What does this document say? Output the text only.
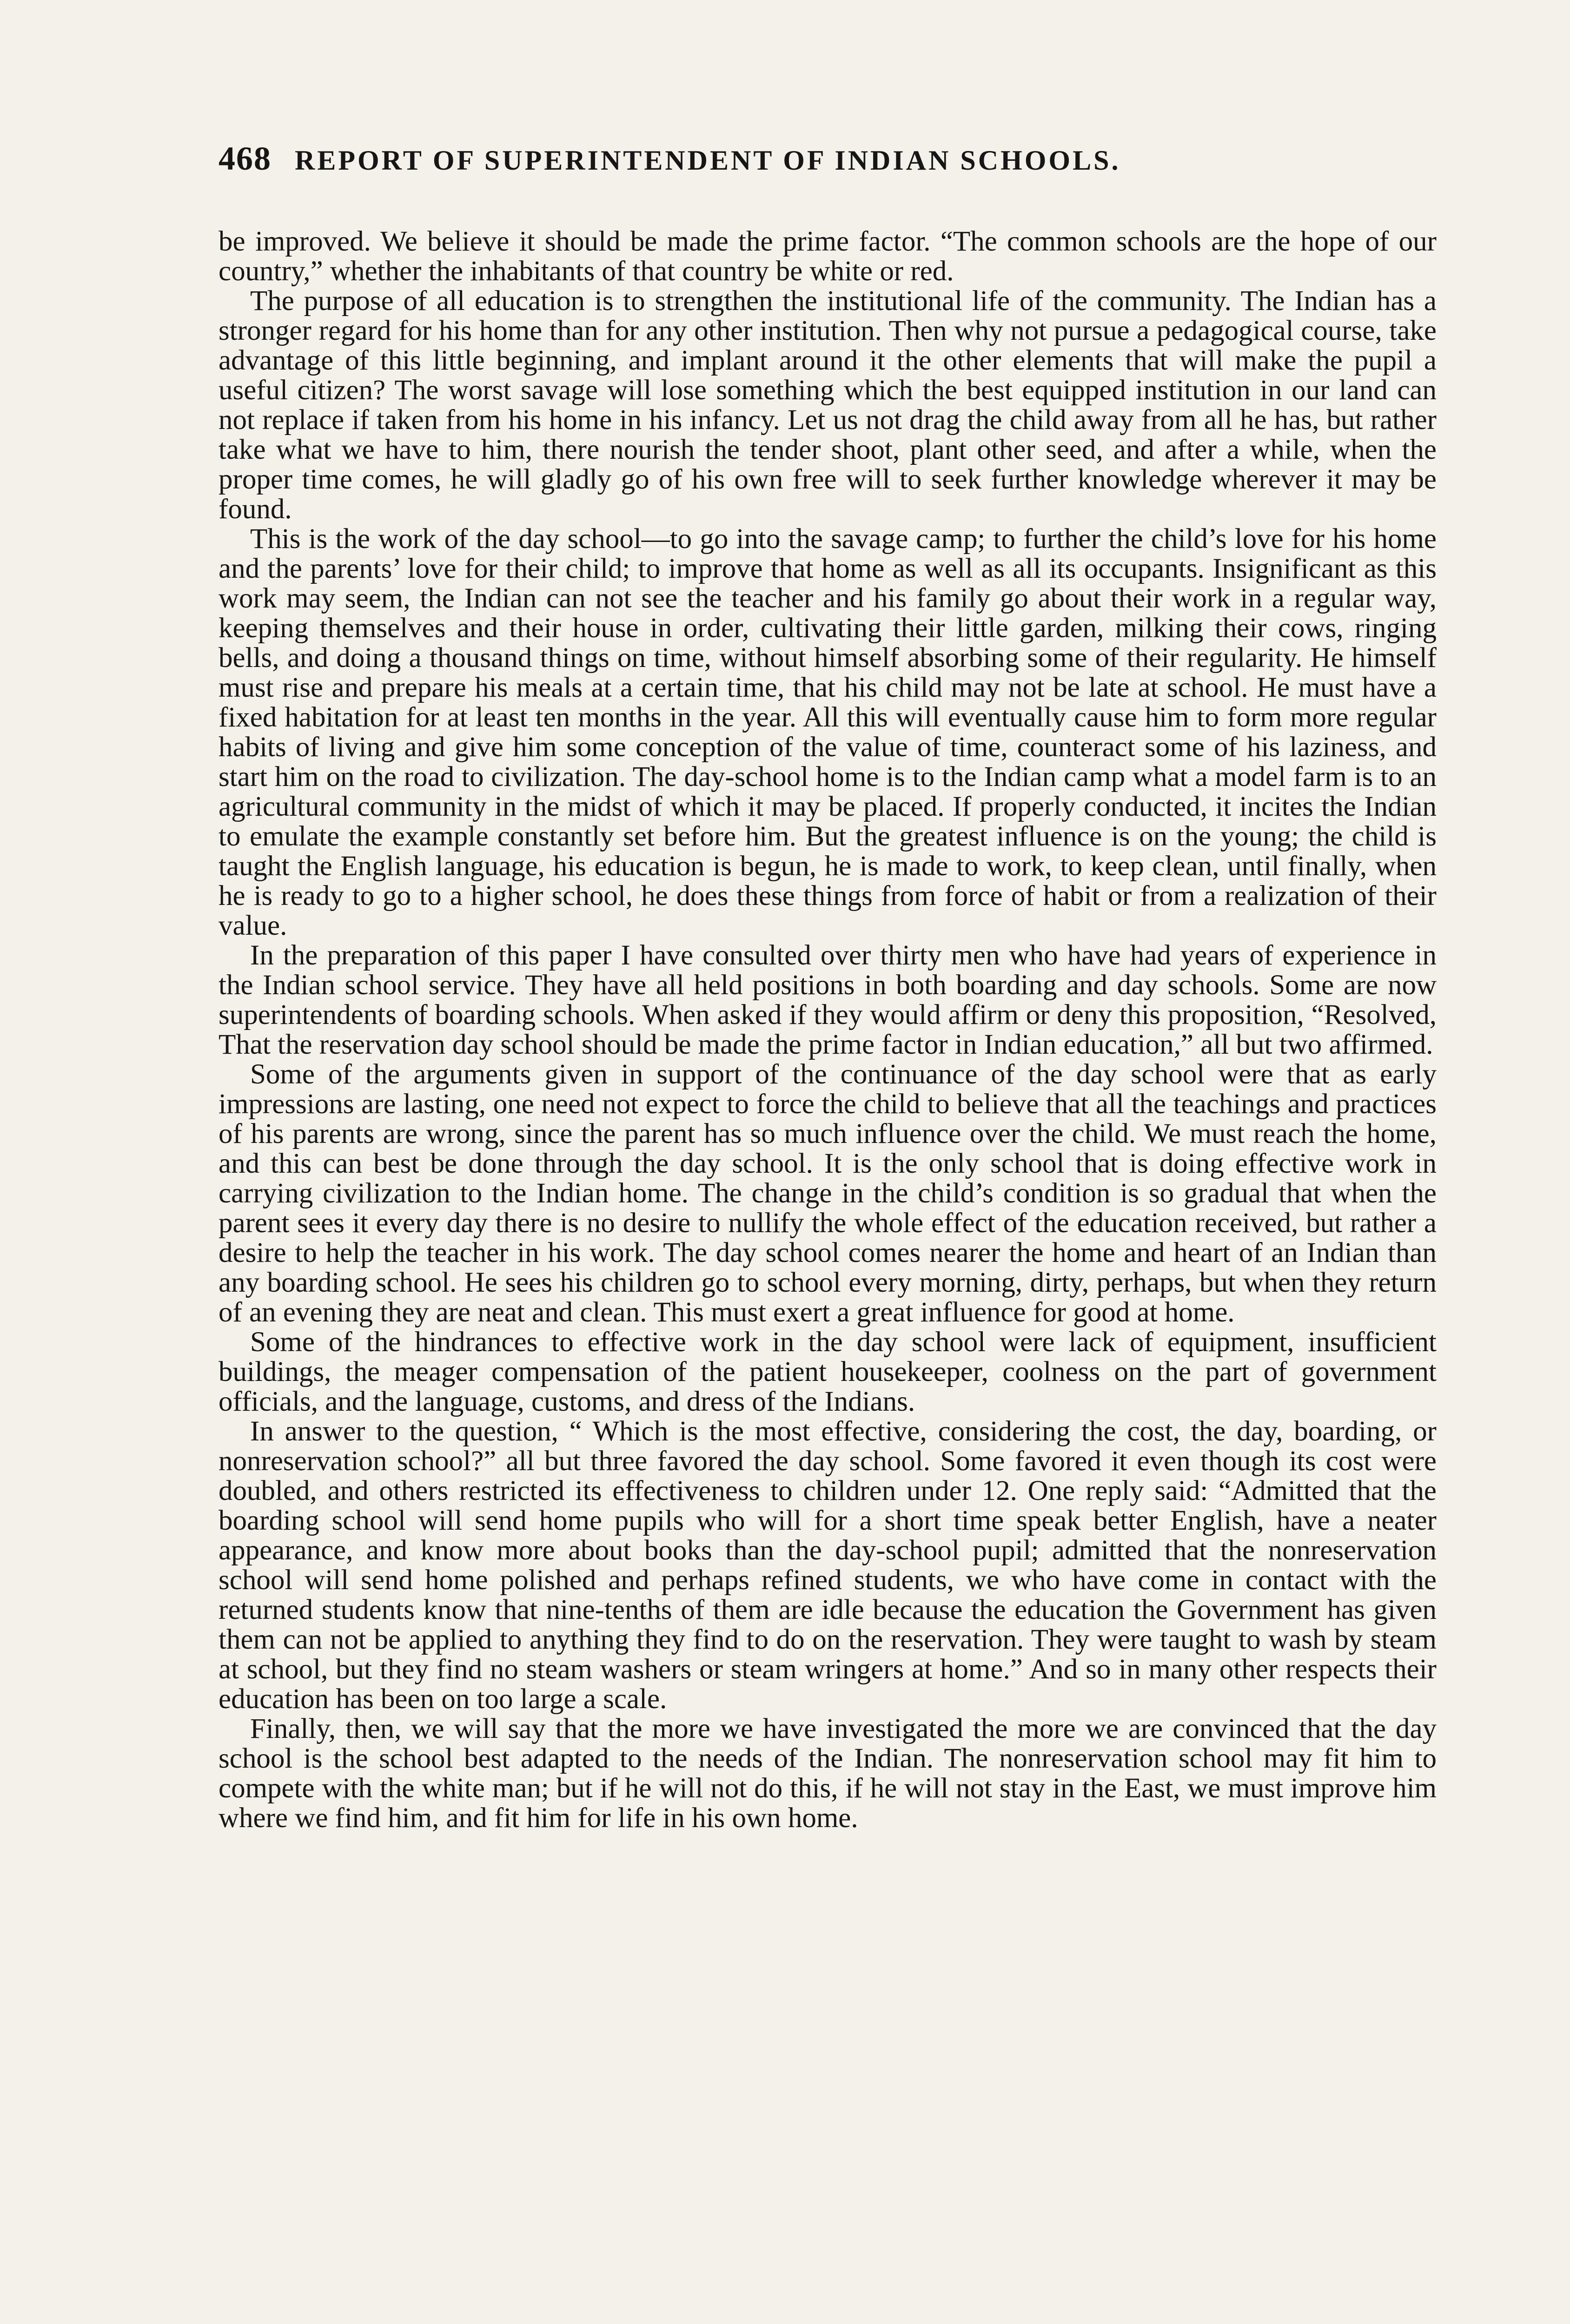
468 REPORT OF SUPERINTENDENT OF INDIAN SCHOOLS.

be improved. We believe it should be made the prime factor. “The common schools are the hope of our country,” whether the inhabitants of that country be white or red.

The purpose of all education is to strengthen the institutional life of the community. The Indian has a stronger regard for his home than for any other institution. Then why not pursue a pedagogical course, take advantage of this little beginning, and implant around it the other elements that will make the pupil a useful citizen? The worst savage will lose something which the best equipped institution in our land can not replace if taken from his home in his infancy. Let us not drag the child away from all he has, but rather take what we have to him, there nourish the tender shoot, plant other seed, and after a while, when the proper time comes, he will gladly go of his own free will to seek further knowledge wherever it may be found.

This is the work of the day school—to go into the savage camp; to further the child’s love for his home and the parents’ love for their child; to improve that home as well as all its occupants. Insignificant as this work may seem, the Indian can not see the teacher and his family go about their work in a regular way, keeping themselves and their house in order, cultivating their little garden, milking their cows, ringing bells, and doing a thousand things on time, without himself absorbing some of their regularity. He himself must rise and prepare his meals at a certain time, that his child may not be late at school. He must have a fixed habitation for at least ten months in the year. All this will eventually cause him to form more regular habits of living and give him some conception of the value of time, counteract some of his laziness, and start him on the road to civilization. The day-school home is to the Indian camp what a model farm is to an agricultural community in the midst of which it may be placed. If properly conducted, it incites the Indian to emulate the example constantly set before him. But the greatest influence is on the young; the child is taught the English language, his education is begun, he is made to work, to keep clean, until finally, when he is ready to go to a higher school, he does these things from force of habit or from a realization of their value.

In the preparation of this paper I have consulted over thirty men who have had years of experience in the Indian school service. They have all held positions in both boarding and day schools. Some are now superintendents of boarding schools. When asked if they would affirm or deny this proposition, “Resolved, That the reservation day school should be made the prime factor in Indian education,” all but two affirmed.

Some of the arguments given in support of the continuance of the day school were that as early impressions are lasting, one need not expect to force the child to believe that all the teachings and practices of his parents are wrong, since the parent has so much influence over the child. We must reach the home, and this can best be done through the day school. It is the only school that is doing effective work in carrying civilization to the Indian home. The change in the child’s condition is so gradual that when the parent sees it every day there is no desire to nullify the whole effect of the education received, but rather a desire to help the teacher in his work. The day school comes nearer the home and heart of an Indian than any boarding school. He sees his children go to school every morning, dirty, perhaps, but when they return of an evening they are neat and clean. This must exert a great influence for good at home.

Some of the hindrances to effective work in the day school were lack of equipment, insufficient buildings, the meager compensation of the patient housekeeper, coolness on the part of government officials, and the language, customs, and dress of the Indians.

In answer to the question, “ Which is the most effective, considering the cost, the day, boarding, or nonreservation school?” all but three favored the day school. Some favored it even though its cost were doubled, and others restricted its effectiveness to children under 12. One reply said: “Admitted that the boarding school will send home pupils who will for a short time speak better English, have a neater appearance, and know more about books than the day-school pupil; admitted that the nonreservation school will send home polished and perhaps refined students, we who have come in contact with the returned students know that nine-tenths of them are idle because the education the Government has given them can not be applied to anything they find to do on the reservation. They were taught to wash by steam at school, but they find no steam washers or steam wringers at home.” And so in many other respects their education has been on too large a scale.

Finally, then, we will say that the more we have investigated the more we are convinced that the day school is the school best adapted to the needs of the Indian. The nonreservation school may fit him to compete with the white man; but if he will not do this, if he will not stay in the East, we must improve him where we find him, and fit him for life in his own home.
